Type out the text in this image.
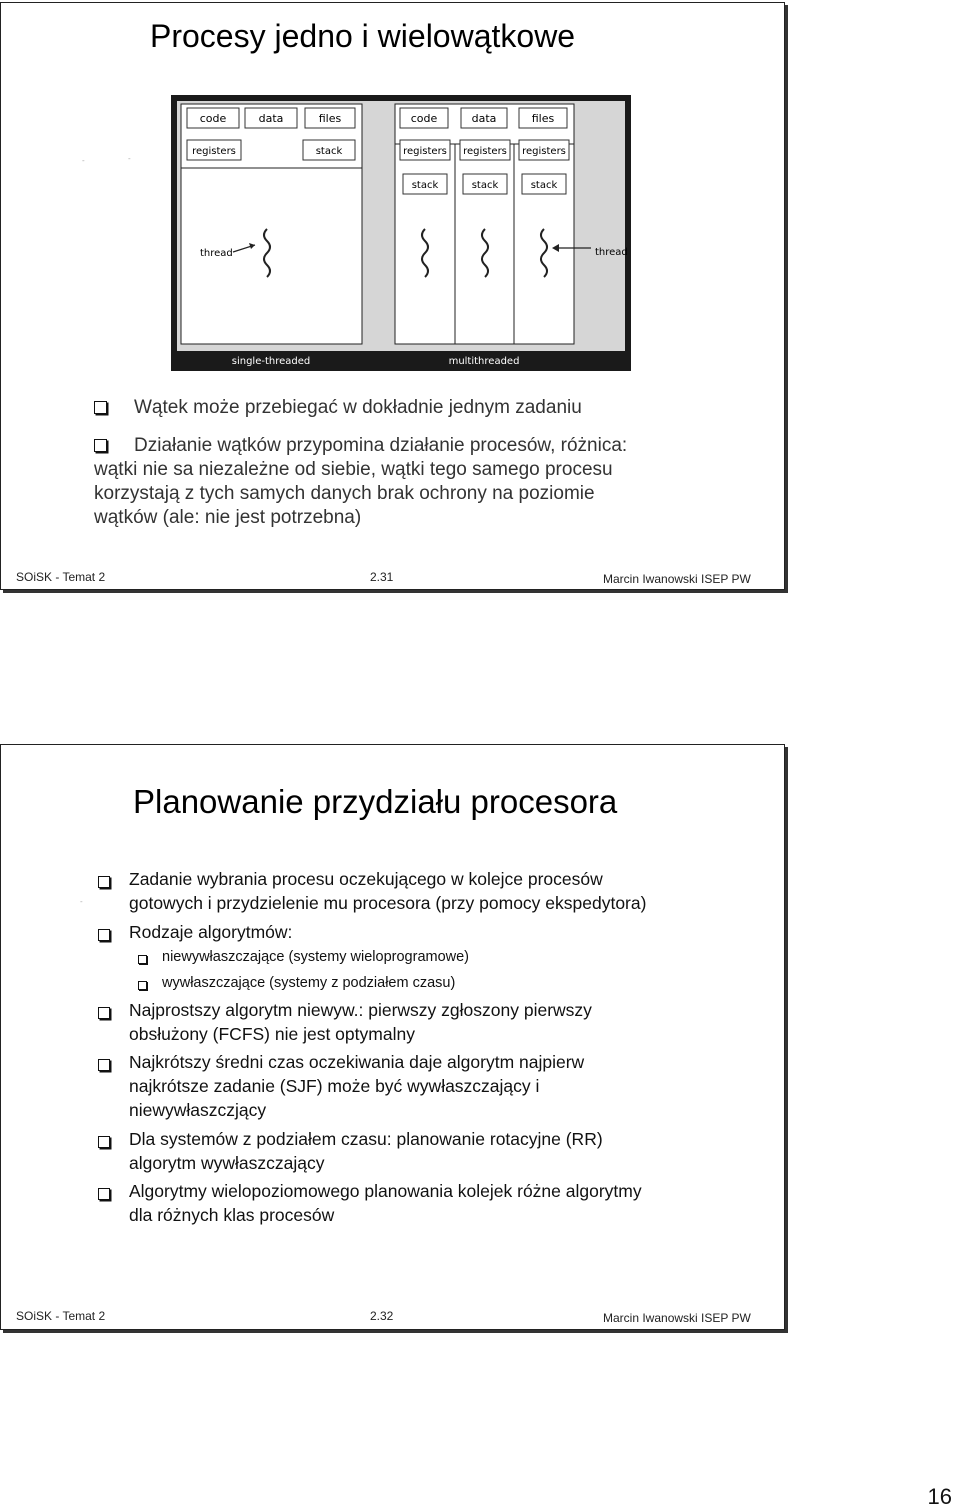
Procesy jedno i wielowątkowe
-	-
code	data	files
registers	stack
thread
code	data	files
registers registers registers
stack	stack	stack
thread
single-threaded	multithreaded
Wątek może przebiegać w dokładnie jednym zadaniu
Działanie wątków przypomina działanie procesów, różnica:
wątki nie sa niezależne od siebie, wątki tego samego procesu
korzystają z tych samych danych brak ochrony na poziomie
wątków (ale: nie jest potrzebna)
SOiSK - Temat 2	2.31	Marcin Iwanowski ISEP PW
Planowanie przydziału procesora
-
Zadanie wybrania procesu oczekującego w kolejce procesów
gotowych i przydzielenie mu procesora (przy pomocy ekspedytora)
Rodzaje algorytmów:
niewywłaszczające (systemy wieloprogramowe)
wywłaszczające (systemy z podziałem czasu)
Najprostszy algorytm niewyw.: pierwszy zgłoszony pierwszy
obsłużony (FCFS) nie jest optymalny
Najkrótszy średni czas oczekiwania daje algorytm najpierw
najkrótsze zadanie (SJF) może być wywłaszczający i
niewywłaszczjący
Dla systemów z podziałem czasu: planowanie rotacyjne (RR)
algorytm wywłaszczający
Algorytmy wielopoziomowego planowania kolejek różne algorytmy
dla różnych klas procesów
SOiSK - Temat 2	2.32	Marcin Iwanowski ISEP PW
16
